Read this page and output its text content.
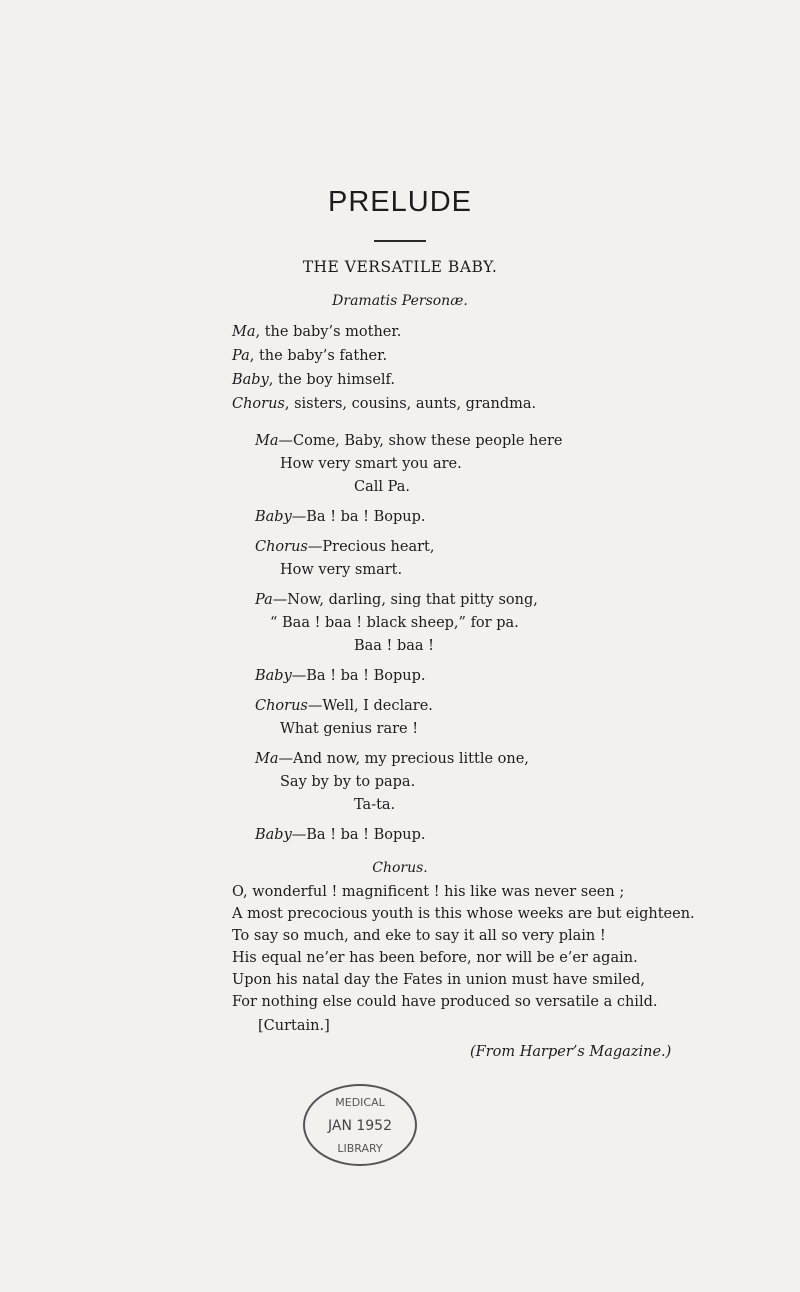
PRELUDE
THE VERSATILE BABY.
Dramatis Personæ.
Ma, the baby’s mother.
Pa, the baby’s father.
Baby, the boy himself.
Chorus, sisters, cousins, aunts, grandma.
Ma—Come, Baby, show these people here
How very smart you are.
Call Pa.
Baby—Ba ! ba ! Bopup.
Chorus—Precious heart,
How very smart.
Pa—Now, darling, sing that pitty song,
“ Baa ! baa ! black sheep,” for pa.
Baa ! baa !
Baby—Ba ! ba ! Bopup.
Chorus—Well, I declare.
What genius rare !
Ma—And now, my precious little one,
Say by by to papa.
Ta-ta.
Baby—Ba ! ba ! Bopup.
Chorus.
O, wonderful ! magnificent ! his like was never seen ;
A most precocious youth is this whose weeks are but eighteen.
To say so much, and eke to say it all so very plain !
His equal ne’er has been before, nor will be e’er again.
Upon his natal day the Fates in union must have smiled,
For nothing else could have produced so versatile a child.
[Curtain.]
(From Harper’s Magazine.)
MEDICAL
JAN 1952
LIBRARY
